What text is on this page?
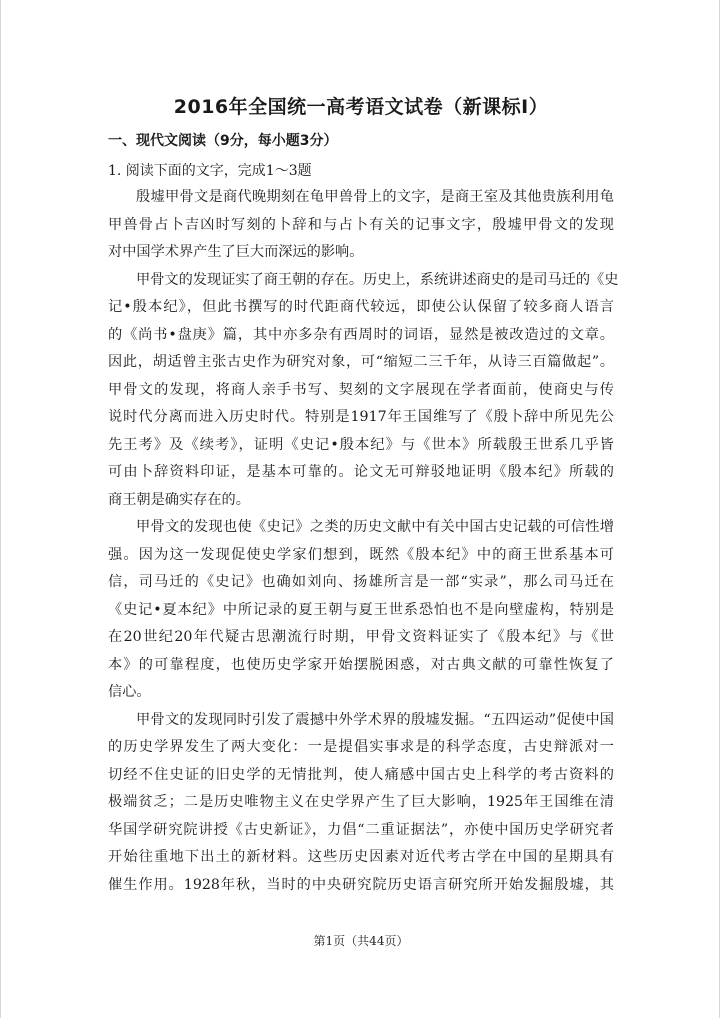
2016年全国统一高考语文试卷（新课标Ⅰ）
一、现代文阅读（9分，每小题3分）
1. 阅读下面的文字，完成1～3题

殷墟甲骨文是商代晚期刻在龟甲兽骨上的文字，是商王室及其他贵族利用龟
甲兽骨占卜吉凶时写刻的卜辞和与占卜有关的记事文字，殷墟甲骨文的发现
对中国学术界产生了巨大而深远的影响。

甲骨文的发现证实了商王朝的存在。历史上，系统讲述商史的是司马迁的《史
记•殷本纪》，但此书撰写的时代距商代较远，即使公认保留了较多商人语言
的《尚书•盘庚》篇，其中亦多杂有西周时的词语，显然是被改造过的文章。
因此，胡适曾主张古史作为研究对象，可“缩短二三千年，从诗三百篇做起”。
甲骨文的发现，将商人亲手书写、契刻的文字展现在学者面前，使商史与传
说时代分离而进入历史时代。特别是1917年王国维写了《殷卜辞中所见先公
先王考》及《续考》，证明《史记•殷本纪》与《世本》所载殷王世系几乎皆
可由卜辞资料印证，是基本可靠的。论文无可辩驳地证明《殷本纪》所载的
商王朝是确实存在的。

甲骨文的发现也使《史记》之类的历史文献中有关中国古史记载的可信性增
强。因为这一发现促使史学家们想到，既然《殷本纪》中的商王世系基本可
信，司马迁的《史记》也确如刘向、扬雄所言是一部“实录”，那么司马迁在
《史记•夏本纪》中所记录的夏王朝与夏王世系恐怕也不是向壁虚构，特别是
在20世纪20年代疑古思潮流行时期，甲骨文资料证实了《殷本纪》与《世
本》的可靠程度，也使历史学家开始摆脱困惑，对古典文献的可靠性恢复了
信心。

甲骨文的发现同时引发了震撼中外学术界的殷墟发掘。“五四运动”促使中国
的历史学界发生了两大变化：一是提倡实事求是的科学态度，古史辩派对一
切经不住史证的旧史学的无情批判，使人痛感中国古史上科学的考古资料的
极端贫乏；二是历史唯物主义在史学界产生了巨大影响，1925年王国维在清
华国学研究院讲授《古史新证》，力倡“二重证据法”，亦使中国历史学研究者
开始往重地下出土的新材料。这些历史因素对近代考古学在中国的星期具有
催生作用。1928年秋，当时的中央研究院历史语言研究所开始发掘殷墟，其

第1页（共44页）
